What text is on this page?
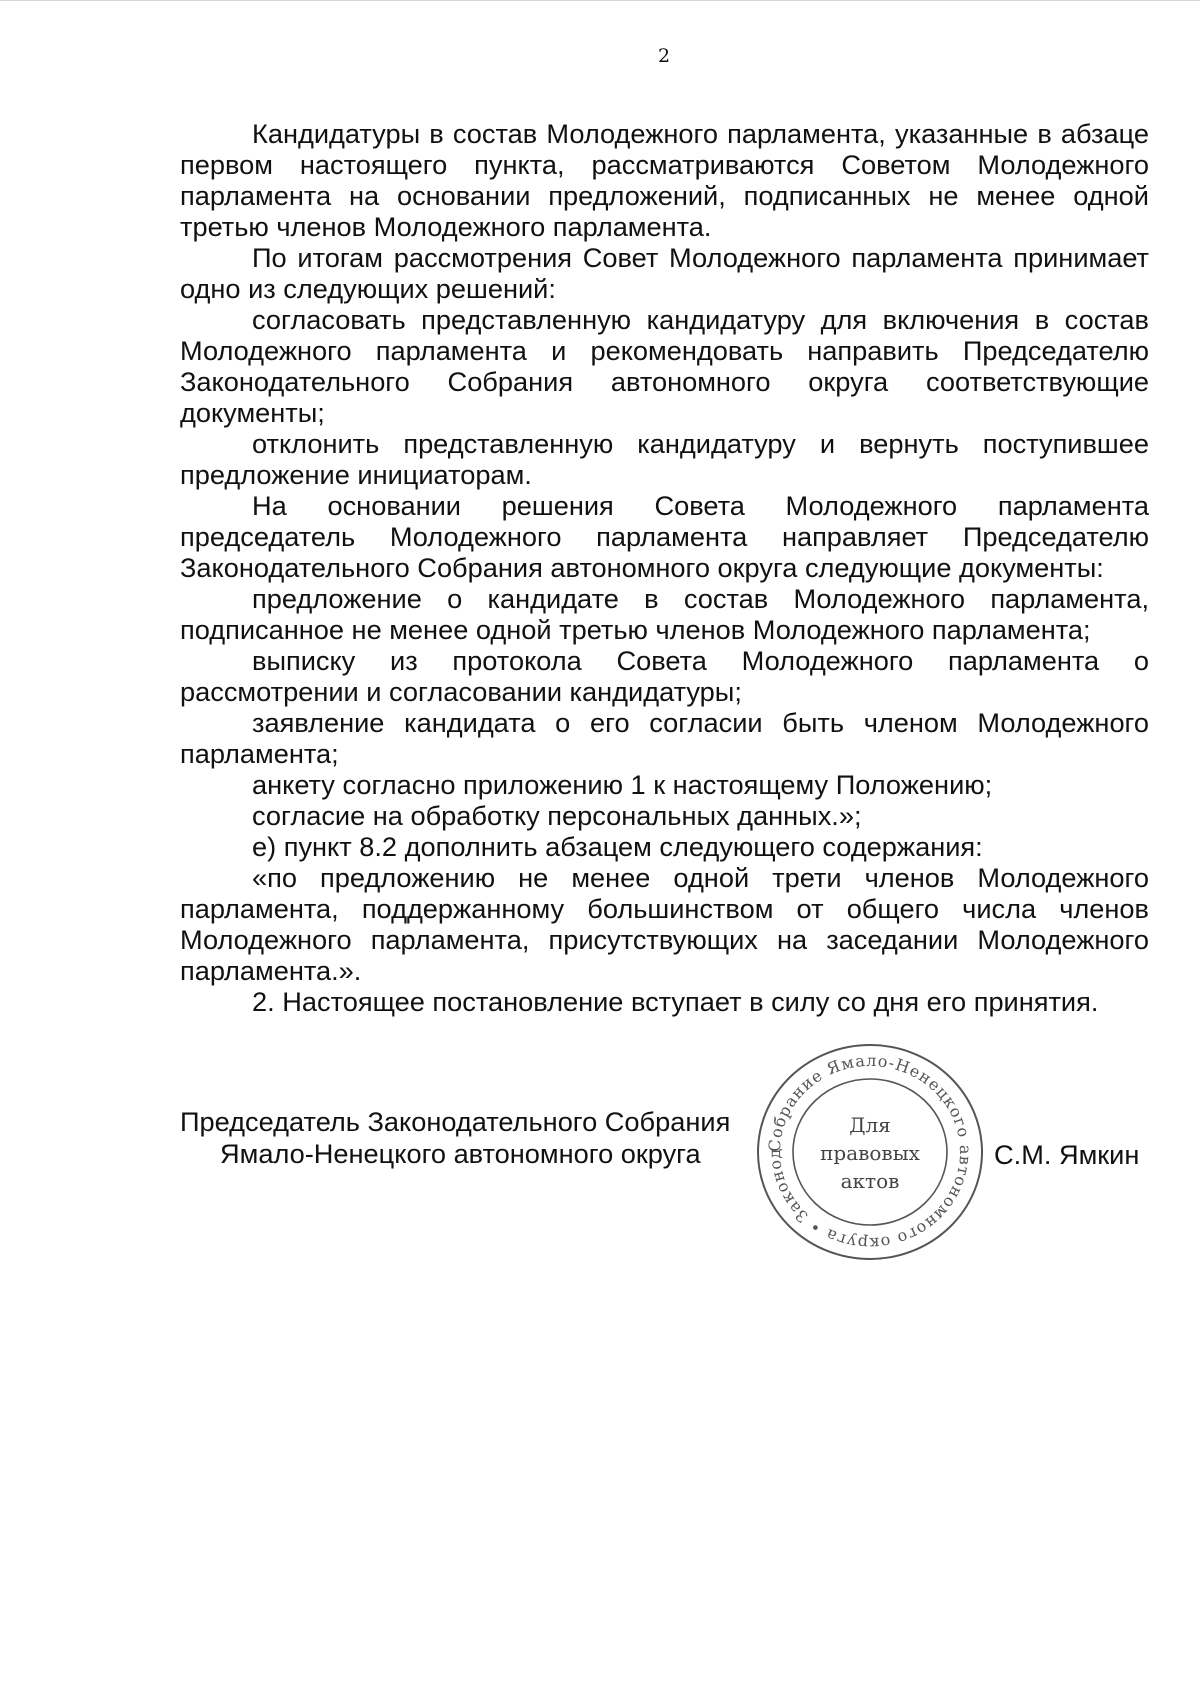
2

Кандидатуры в состав Молодежного парламента, указанные в абзаце первом настоящего пункта, рассматриваются Советом Молодежного парламента на основании предложений, подписанных не менее одной третью членов Молодежного парламента.

По итогам рассмотрения Совет Молодежного парламента принимает одно из следующих решений:

согласовать представленную кандидатуру для включения в состав Молодежного парламента и рекомендовать направить Председателю Законодательного Собрания автономного округа соответствующие документы;

отклонить представленную кандидатуру и вернуть поступившее предложение инициаторам.

На основании решения Совета Молодежного парламента председатель Молодежного парламента направляет Председателю Законодательного Собрания автономного округа следующие документы:

предложение о кандидате в состав Молодежного парламента, подписанное не менее одной третью членов Молодежного парламента;

выписку из протокола Совета Молодежного парламента о рассмотрении и согласовании кандидатуры;

заявление кандидата о его согласии быть членом Молодежного парламента;

анкету согласно приложению 1 к настоящему Положению;

согласие на обработку персональных данных.»;

е) пункт 8.2 дополнить абзацем следующего содержания:

«по предложению не менее одной трети членов Молодежного парламента, поддержанному большинством от общего числа членов Молодежного парламента, присутствующих на заседании Молодежного парламента.».

2. Настоящее постановление вступает в силу со дня его принятия.

Председатель Законодательного Собрания
Ямало-Ненецкого автономного округа	Собрание Ямало-Ненецкого автономного округа • Законод
Для
правовых
актов
С.М. Ямкин
